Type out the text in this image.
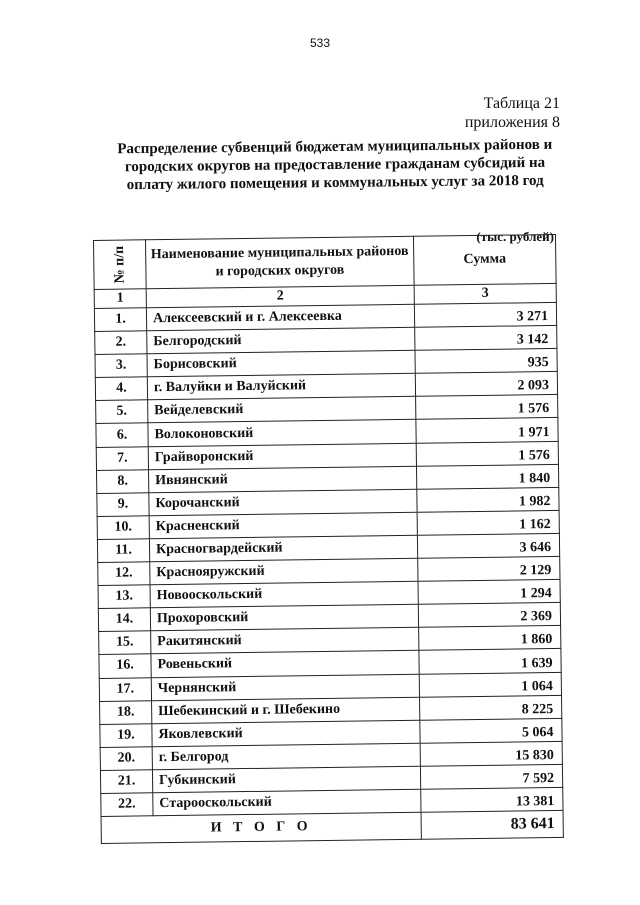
533
Таблица 21
приложения 8
Распределение субвенций бюджетам муниципальных районов и городских округов на предоставление гражданам субсидий на оплату жилого помещения и коммунальных услуг за 2018 год
(тыс. рублей)
№ п/п	Наименование муниципальных районов и городских округов	Сумма
1	2	3
1.	Алексеевский и г. Алексеевка	3 271
2.	Белгородский	3 142
3.	Борисовский	935
4.	г. Валуйки и Валуйский	2 093
5.	Вейделевский	1 576
6.	Волоконовский	1 971
7.	Грайворонский	1 576
8.	Ивнянский	1 840
9.	Корочанский	1 982
10.	Красненский	1 162
11.	Красногвардейский	3 646
12.	Краснояружский	2 129
13.	Новооскольский	1 294
14.	Прохоровский	2 369
15.	Ракитянский	1 860
16.	Ровеньский	1 639
17.	Чернянский	1 064
18.	Шебекинский и г. Шебекино	8 225
19.	Яковлевский	5 064
20.	г. Белгород	15 830
21.	Губкинский	7 592
22.	Старооскольский	13 381
И Т О Г О		83 641
